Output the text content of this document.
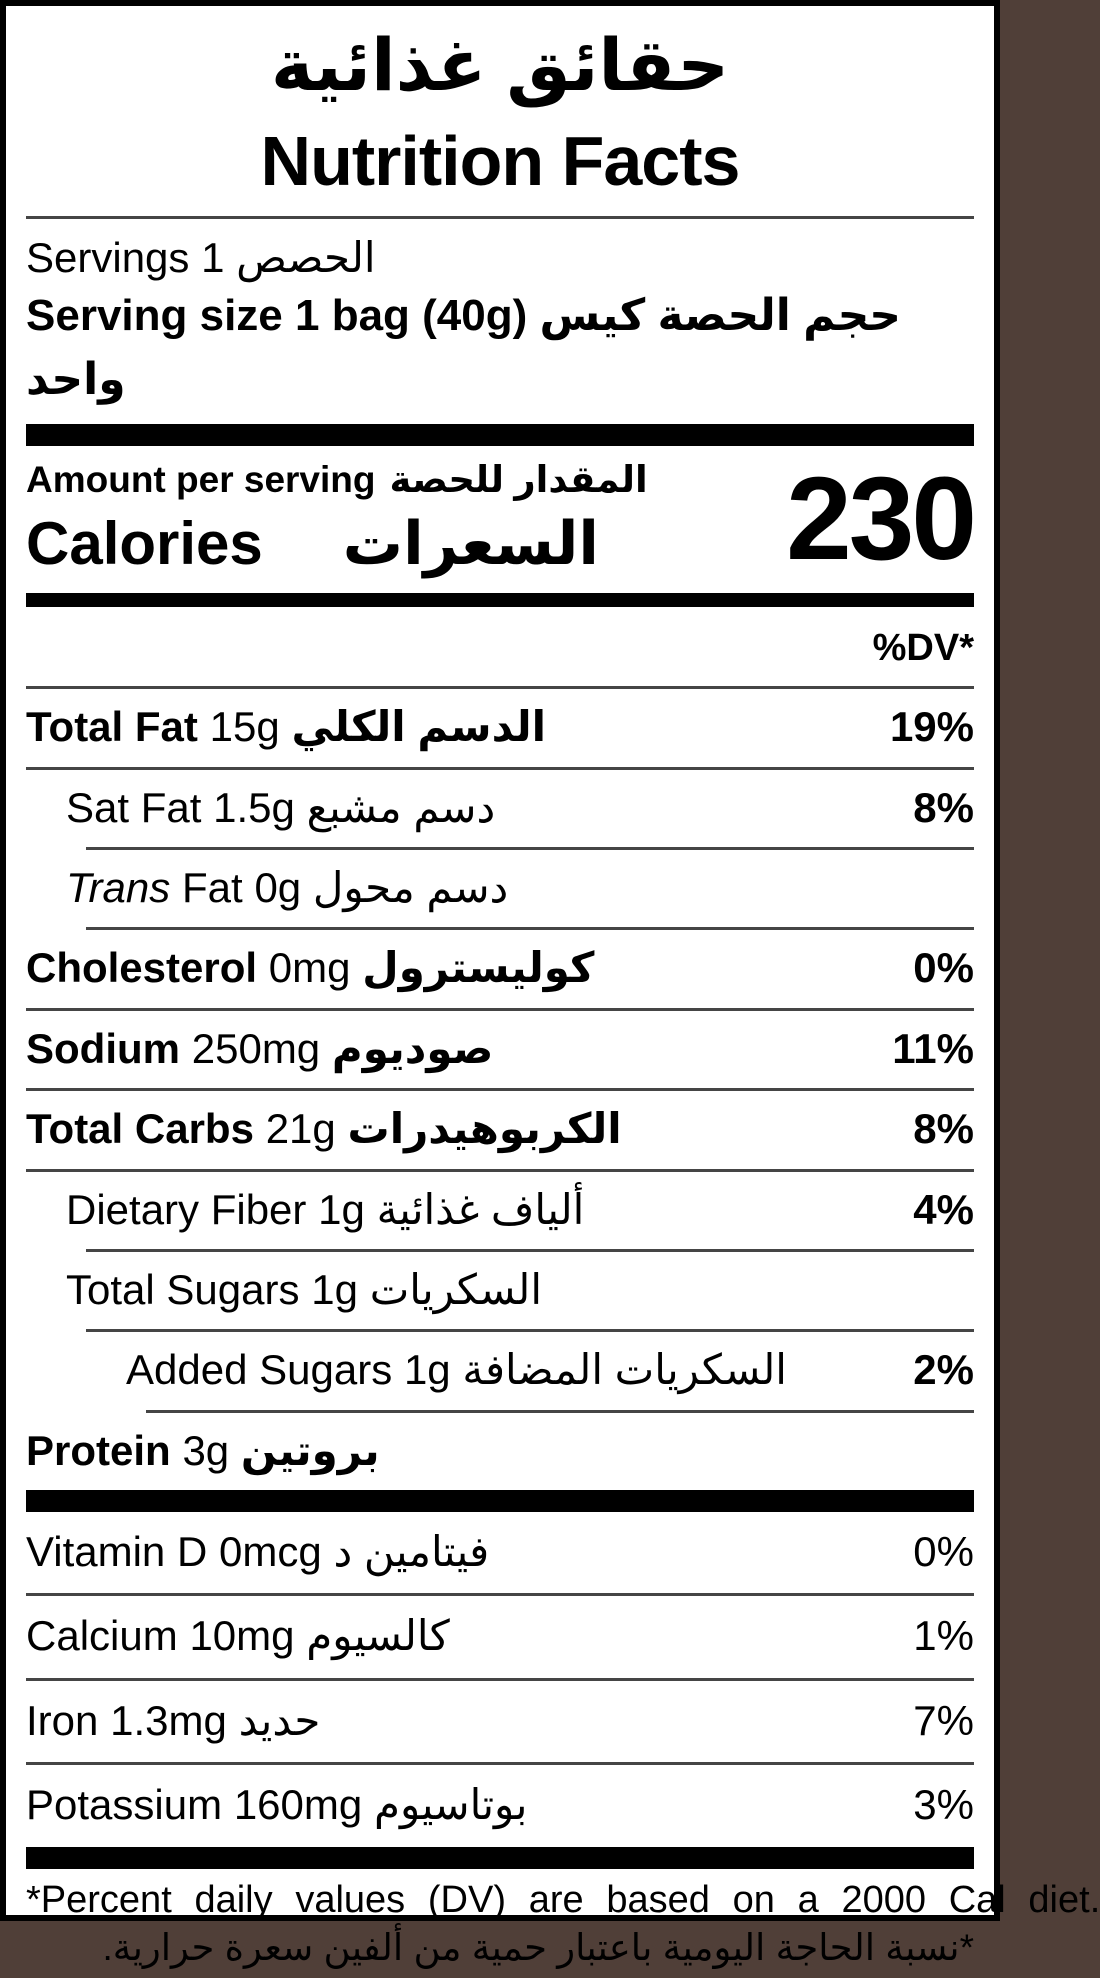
حقائق غذائية
Nutrition Facts
Servings 1 الحصص
Serving size 1 bag (40g) حجم الحصة كيس واحد
Amount per serving المقدار للحصة
Calories السعرات	230
%DV*
Total Fat 15g الدسم الكلي	19%
Sat Fat 1.5g دسم مشبع	8%
Trans Fat 0g دسم محول
Cholesterol 0mg كوليسترول	0%
Sodium 250mg صوديوم	11%
Total Carbs 21g الكربوهيدرات	8%
Dietary Fiber 1g ألياف غذائية	4%
Total Sugars 1g السكريات
Added Sugars 1g السكريات المضافة	2%
Protein 3g بروتين
Vitamin D 0mcg فيتامين د	0%
Calcium 10mg كالسيوم	1%
Iron 1.3mg حديد	7%
Potassium 160mg بوتاسيوم	3%
*Percent daily values (DV) are based on a 2000 Cal diet.
*نسبة الحاجة اليومية باعتبار حمية من ألفين سعرة حرارية.
